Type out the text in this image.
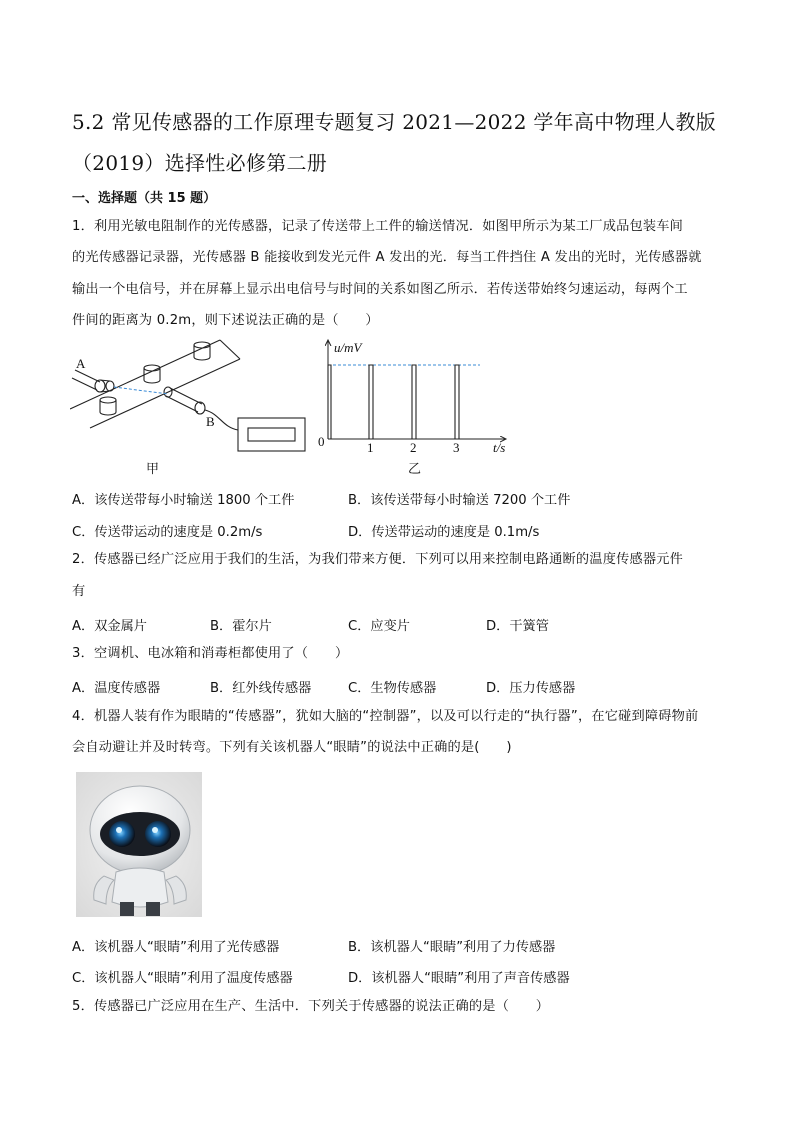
5.2 常见传感器的工作原理专题复习 2021—2022 学年高中物理人教版
（2019）选择性必修第二册
一、选择题（共 15 题）
1．利用光敏电阻制作的光传感器，记录了传送带上工件的输送情况．如图甲所示为某工厂成品包装车间
的光传感器记录器，光传感器 B 能接收到发光元件 A 发出的光．每当工件挡住 A 发出的光时，光传感器就
输出一个电信号，并在屏幕上显示出电信号与时间的关系如图乙所示．若传送带始终匀速运动，每两个工
件间的距离为 0.2m，则下述说法正确的是（　　）
A
B
甲
u/mV
0	1	2	3	t/s
乙
A．该传送带每小时输送 1800 个工件	B．该传送带每小时输送 7200 个工件
C．传送带运动的速度是 0.2m/s	D．传送带运动的速度是 0.1m/s
2．传感器已经广泛应用于我们的生活，为我们带来方便．下列可以用来控制电路通断的温度传感器元件
有
A．双金属片	B．霍尔片	C．应变片	D．干簧管
3．空调机、电冰箱和消毒柜都使用了（　　）
A．温度传感器	B．红外线传感器	C．生物传感器	D．压力传感器
4．机器人装有作为眼睛的“传感器”，犹如大脑的“控制器”，以及可以行走的“执行器”，在它碰到障碍物前
会自动避让并及时转弯。下列有关该机器人“眼睛”的说法中正确的是(　　)
A．该机器人“眼睛”利用了光传感器	B．该机器人“眼睛”利用了力传感器
C．该机器人“眼睛”利用了温度传感器	D．该机器人“眼睛”利用了声音传感器
5．传感器已广泛应用在生产、生活中．下列关于传感器的说法正确的是（　　）
